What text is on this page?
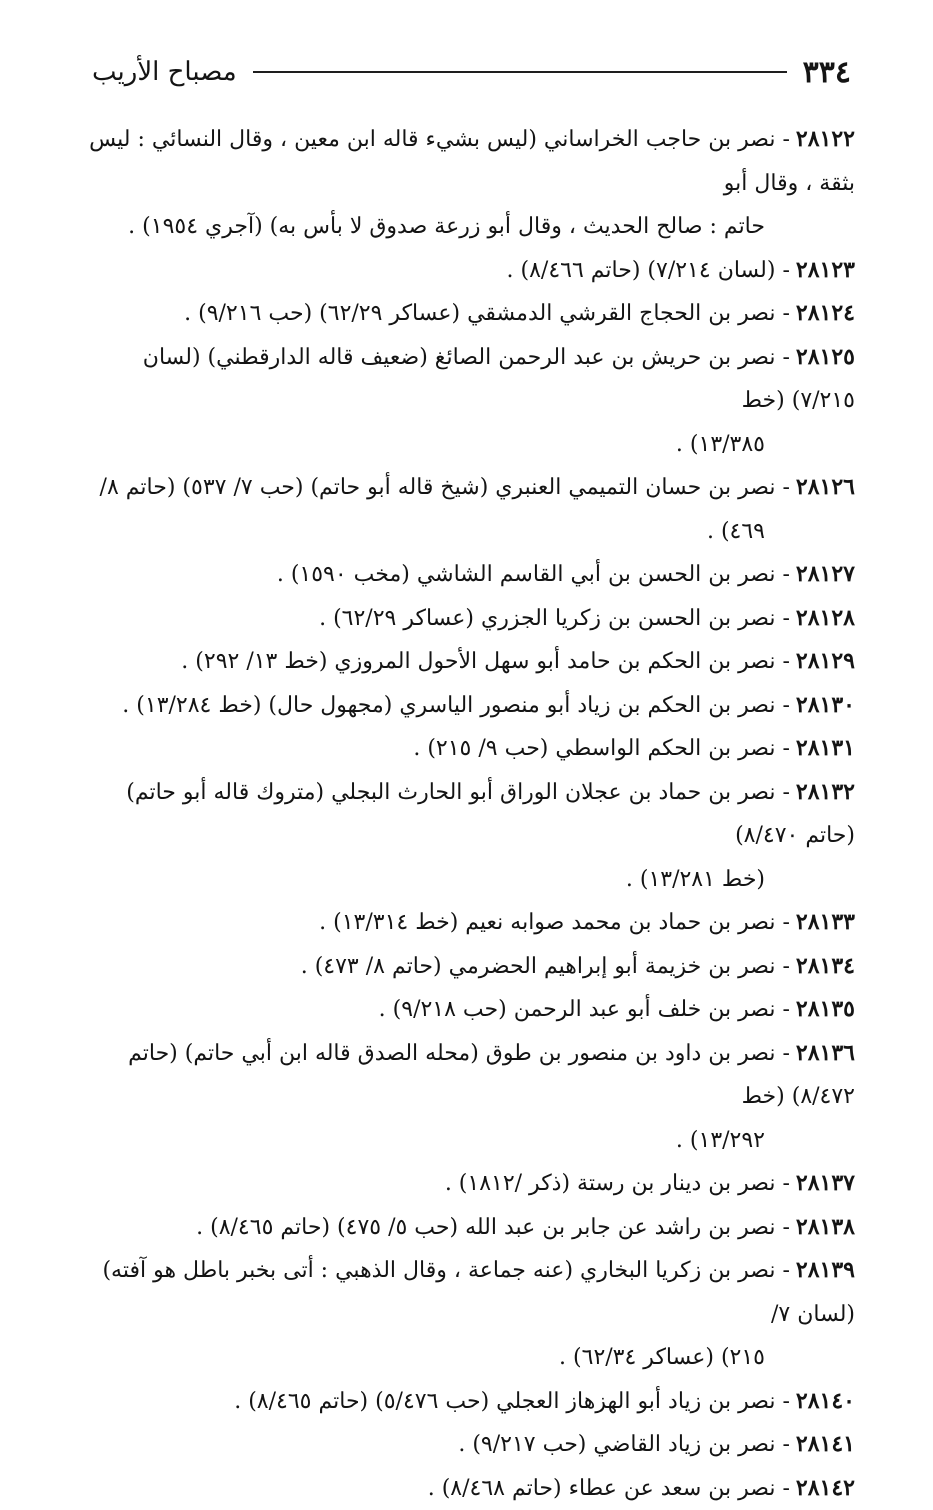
٣٣٤
مصباح الأريب
٢٨١٢٢- نصر بن حاجب الخراساني (ليس بشيء قاله ابن معين ، وقال النسائي : ليس بثقة ، وقال أبو
حاتم : صالح الحديث ، وقال أبو زرعة صدوق لا بأس به) (آجري ١٩٥٤) .
٢٨١٢٣- (لسان ٧/٢١٤) (حاتم ٨/٤٦٦) .
٢٨١٢٤- نصر بن الحجاج القرشي الدمشقي (عساكر ٦٢/٢٩) (حب ٩/٢١٦) .
٢٨١٢٥- نصر بن حريش بن عبد الرحمن الصائغ (ضعيف قاله الدارقطني) (لسان ٧/٢١٥) (خط
١٣/٣٨٥) .
٢٨١٢٦- نصر بن حسان التميمي العنبري (شيخ قاله أبو حاتم) (حب ٧/ ٥٣٧) (حاتم ٨/
٤٦٩) .
٢٨١٢٧- نصر بن الحسن بن أبي القاسم الشاشي (مخب ١٥٩٠) .
٢٨١٢٨- نصر بن الحسن بن زكريا الجزري (عساكر ٦٢/٢٩) .
٢٨١٢٩- نصر بن الحكم بن حامد أبو سهل الأحول المروزي (خط ١٣/ ٢٩٢) .
٢٨١٣٠- نصر بن الحكم بن زياد أبو منصور الياسري (مجهول حال) (خط ١٣/٢٨٤) .
٢٨١٣١- نصر بن الحكم الواسطي (حب ٩/ ٢١٥) .
٢٨١٣٢- نصر بن حماد بن عجلان الوراق أبو الحارث البجلي (متروك قاله أبو حاتم) (حاتم ٨/٤٧٠)
(خط ١٣/٢٨١) .
٢٨١٣٣- نصر بن حماد بن محمد صوابه نعيم (خط ١٣/٣١٤) .
٢٨١٣٤- نصر بن خزيمة أبو إبراهيم الحضرمي (حاتم ٨/ ٤٧٣) .
٢٨١٣٥- نصر بن خلف أبو عبد الرحمن (حب ٩/٢١٨) .
٢٨١٣٦- نصر بن داود بن منصور بن طوق (محله الصدق قاله ابن أبي حاتم) (حاتم ٨/٤٧٢) (خط
١٣/٢٩٢) .
٢٨١٣٧- نصر بن دينار بن رستة (ذكر /١٨١٢) .
٢٨١٣٨- نصر بن راشد عن جابر بن عبد الله (حب ٥/ ٤٧٥) (حاتم ٨/٤٦٥) .
٢٨١٣٩- نصر بن زكريا البخاري (عنه جماعة ، وقال الذهبي : أتى بخبر باطل هو آفته) (لسان ٧/
٢١٥) (عساكر ٦٢/٣٤) .
٢٨١٤٠- نصر بن زياد أبو الهزهاز العجلي (حب ٥/٤٧٦) (حاتم ٨/٤٦٥) .
٢٨١٤١- نصر بن زياد القاضي (حب ٩/٢١٧) .
٢٨١٤٢- نصر بن سعد عن عطاء (حاتم ٨/٤٦٨) .
